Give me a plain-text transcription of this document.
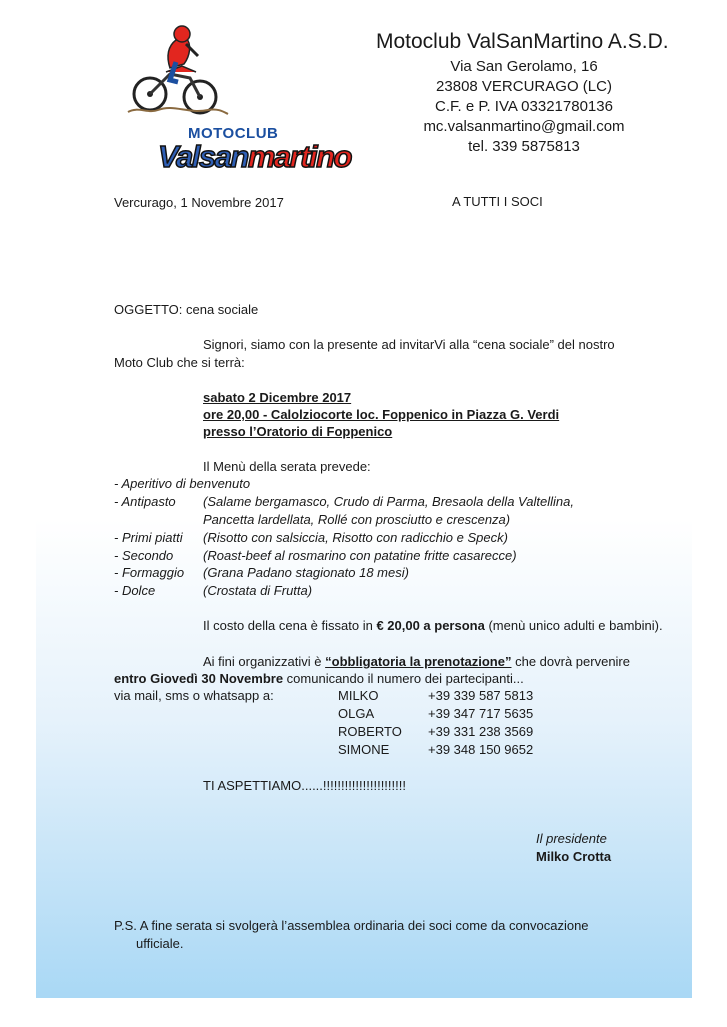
MOTOCLUB
Valsanmartino
Motoclub ValSanMartino A.S.D.
Via San Gerolamo, 16
23808 VERCURAGO (LC)
C.F. e P. IVA 03321780136
mc.valsanmartino@gmail.com
tel. 339 5875813
Vercurago, 1 Novembre 2017	A TUTTI I SOCI
OGGETTO: cena sociale
Signori, siamo con la presente ad invitarVi alla “cena sociale” del nostro
Moto Club che si terrà:
sabato 2 Dicembre 2017
ore 20,00 - Calolziocorte loc. Foppenico in Piazza G. Verdi
presso l’Oratorio di Foppenico
Il Menù della serata prevede:
- Aperitivo di benvenuto
- Antipasto (Salame bergamasco, Crudo di Parma, Bresaola della Valtellina,
Pancetta lardellata, Rollé con prosciutto e crescenza)
- Primi piatti (Risotto con salsiccia, Risotto con radicchio e Speck)
- Secondo (Roast-beef al rosmarino con patatine fritte casarecce)
- Formaggio (Grana Padano stagionato 18 mesi)
- Dolce	(Crostata di Frutta)
Il costo della cena è fissato in € 20,00 a persona (menù unico adulti e bambini).
Ai fini organizzativi è “obbligatoria la prenotazione” che dovrà pervenire
entro Giovedì 30 Novembre comunicando il numero dei partecipanti...
via mail, sms o whatsapp a:	MILKO	+39 339 587 5813
OLGA	+39 347 717 5635
ROBERTO +39 331 238 3569
SIMONE	+39 348 150 9652
TI ASPETTIAMO......!!!!!!!!!!!!!!!!!!!!!!!
Il presidente
Milko Crotta
P.S. A fine serata si svolgerà l’assemblea ordinaria dei soci come da convocazione
ufficiale.
